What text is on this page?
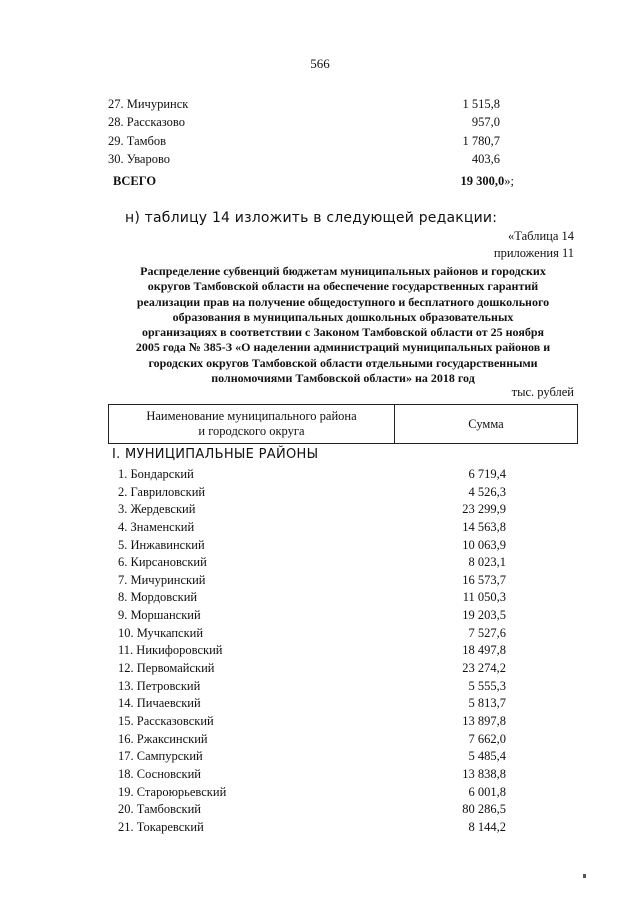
566
27. Мичуринск	1 515,8
28. Рассказово	957,0
29. Тамбов	1 780,7
30. Уварово	403,6
ВСЕГО	19 300,0»;
н) таблицу 14 изложить в следующей редакции:
«Таблица 14
приложения 11
Распределение субвенций бюджетам муниципальных районов и городских
округов Тамбовской области на обеспечение государственных гарантий
реализации прав на получение общедоступного и бесплатного дошкольного
образования в муниципальных дошкольных образовательных
организациях в соответствии с Законом Тамбовской области от 25 ноября
2005 года № 385-З «О наделении администраций муниципальных районов и
городских округов Тамбовской области отдельными государственными
полномочиями Тамбовской области» на 2018 год
тыс. рублей
Наименование муниципального района
и городского округа
Сумма
I. МУНИЦИПАЛЬНЫЕ РАЙОНЫ
1. Бондарский	6 719,4
2. Гавриловский	4 526,3
3. Жердевский	23 299,9
4. Знаменский	14 563,8
5. Инжавинский	10 063,9
6. Кирсановский	8 023,1
7. Мичуринский	16 573,7
8. Мордовский	11 050,3
9. Моршанский	19 203,5
10. Мучкапский	7 527,6
11. Никифоровский	18 497,8
12. Первомайский	23 274,2
13. Петровский	5 555,3
14. Пичаевский	5 813,7
15. Рассказовский	13 897,8
16. Ржаксинский	7 662,0
17. Сампурский	5 485,4
18. Сосновский	13 838,8
19. Староюрьевский	6 001,8
20. Тамбовский	80 286,5
21. Токаревский	8 144,2
